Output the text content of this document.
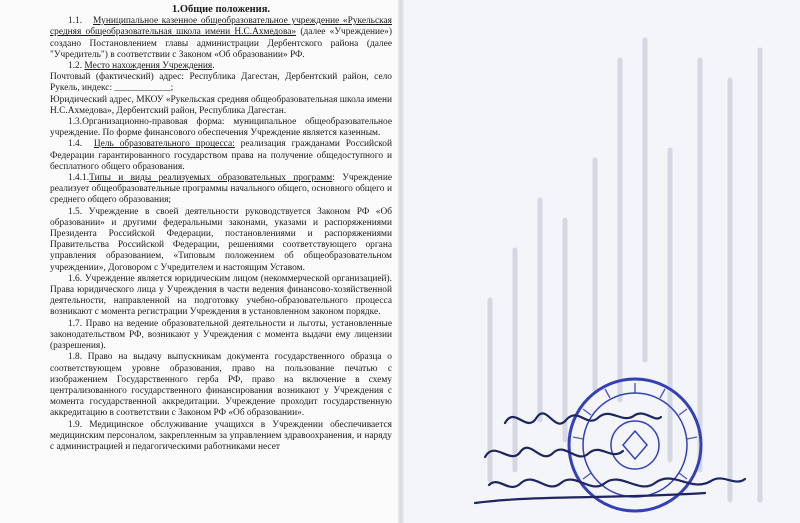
1.Общие положения.

1.1. Муниципальное казенное общеобразовательное учреждение «Рукельская средняя общеобразовательная школа имени Н.С.Ахмедова» (далее «Учреждение») создано Постановлением главы администрации Дербентского района (далее "Учредитель") в соответствии с Законом «Об образовании» РФ.

1.2. Место нахождения Учреждения.

Почтовый (фактический) адрес: Республика Дагестан, Дербентский район, село Рукель, индекс: ____________;

Юридический адрес, МКОУ «Рукельская средняя общеобразовательная школа имени Н.С.Ахмедова», Дербентский район, Республика Дагестан.

1.3.Организационно-правовая форма: муниципальное общеобразовательное учреждение. По форме финансового обеспечения Учреждение является казенным.

1.4. Цель образовательного процесса: реализация гражданами Российской Федерации гарантированного государством права на получение общедоступного и бесплатного общего образования.

1.4.1.Типы и виды реализуемых образовательных программ: Учреждение реализует общеобразовательные программы начального общего, основного общего и среднего общего образования;

1.5. Учреждение в своей деятельности руководствуется Законом РФ «Об образовании» и другими федеральными законами, указами и распоряжениями Президента Российской Федерации, постановлениями и распоряжениями Правительства Российской Федерации, решениями соответствующего органа управления образованием, «Типовым положением об общеобразовательном учреждении», Договором с Учредителем и настоящим Уставом.

1.6. Учреждение является юридическим лицом (некоммерческой организацией). Права юридического лица у Учреждения в части ведения финансово-хозяйственной деятельности, направленной на подготовку учебно-образовательного процесса возникают с момента регистрации Учреждения в установленном законом порядке.

1.7. Право на ведение образовательной деятельности и льготы, установленные законодательством РФ, возникают у Учреждения с момента выдачи ему лицензии (разрешения).

1.8. Право на выдачу выпускникам документа государственного образца о соответствующем уровне образования, право на пользование печатью с изображением Государственного герба РФ, право на включение в схему централизованного государственного финансирования возникают у Учреждения с момента государственной аккредитации. Учреждение проходит государственную аккредитацию в соответствии с Законом РФ «Об образовании».

1.9. Медицинское обслуживание учащихся в Учреждении обеспечивается медицинским персоналом, закрепленным за управлением здравоохранения, и наряду с администрацией и педагогическими работниками несет
